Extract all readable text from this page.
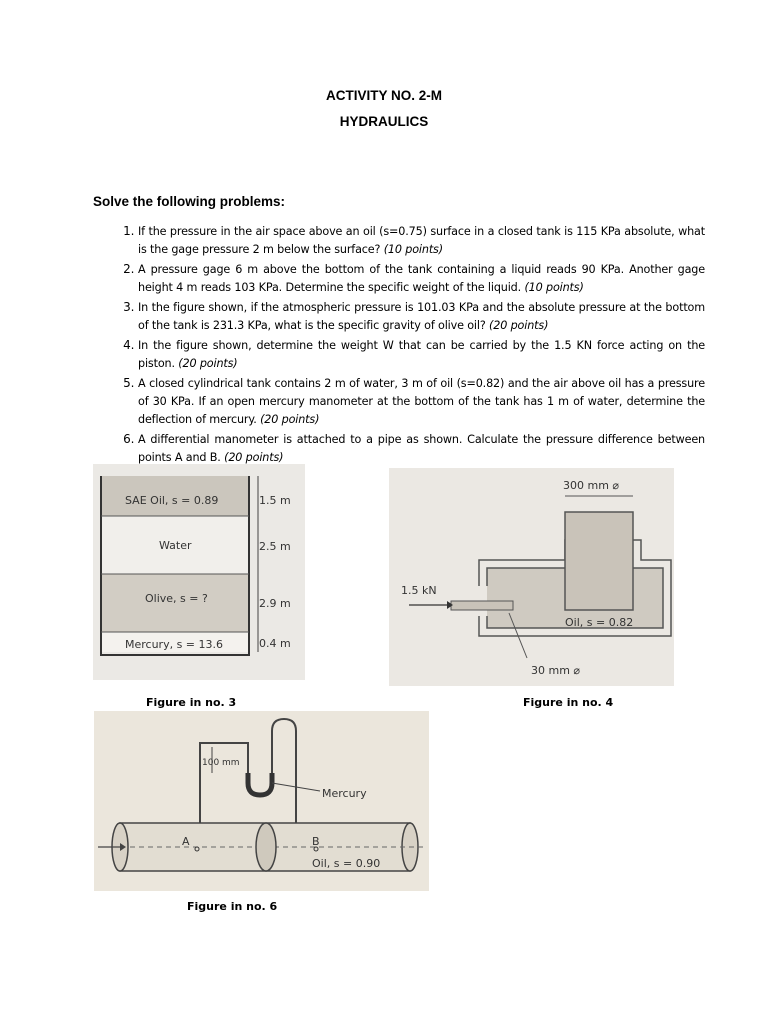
ACTIVITY NO. 2-M
HYDRAULICS
Solve the following problems:
1. If the pressure in the air space above an oil (s=0.75) surface in a closed tank is 115 KPa absolute, what is the gage pressure 2 m below the surface? (10 points)
2. A pressure gage 6 m above the bottom of the tank containing a liquid reads 90 KPa. Another gage height 4 m reads 103 KPa. Determine the specific weight of the liquid. (10 points)
3. In the figure shown, if the atmospheric pressure is 101.03 KPa and the absolute pressure at the bottom of the tank is 231.3 KPa, what is the specific gravity of olive oil? (20 points)
4. In the figure shown, determine the weight W that can be carried by the 1.5 KN force acting on the piston. (20 points)
5. A closed cylindrical tank contains 2 m of water, 3 m of oil (s=0.82) and the air above oil has a pressure of 30 KPa. If an open mercury manometer at the bottom of the tank has 1 m of water, determine the deflection of mercury. (20 points)
6. A differential manometer is attached to a pipe as shown. Calculate the pressure difference between points A and B. (20 points)
SAE Oil, s = 0.89
Water
Olive, s = ?
Mercury, s = 13.6
1.5 m
2.5 m
2.9 m
0.4 m
Figure in no. 3
300 mm ⌀
1.5 kN
Oil, s = 0.82
30 mm ⌀
Figure in no. 4
100 mm
Mercury
A	B
Oil, s = 0.90
Figure in no. 6
